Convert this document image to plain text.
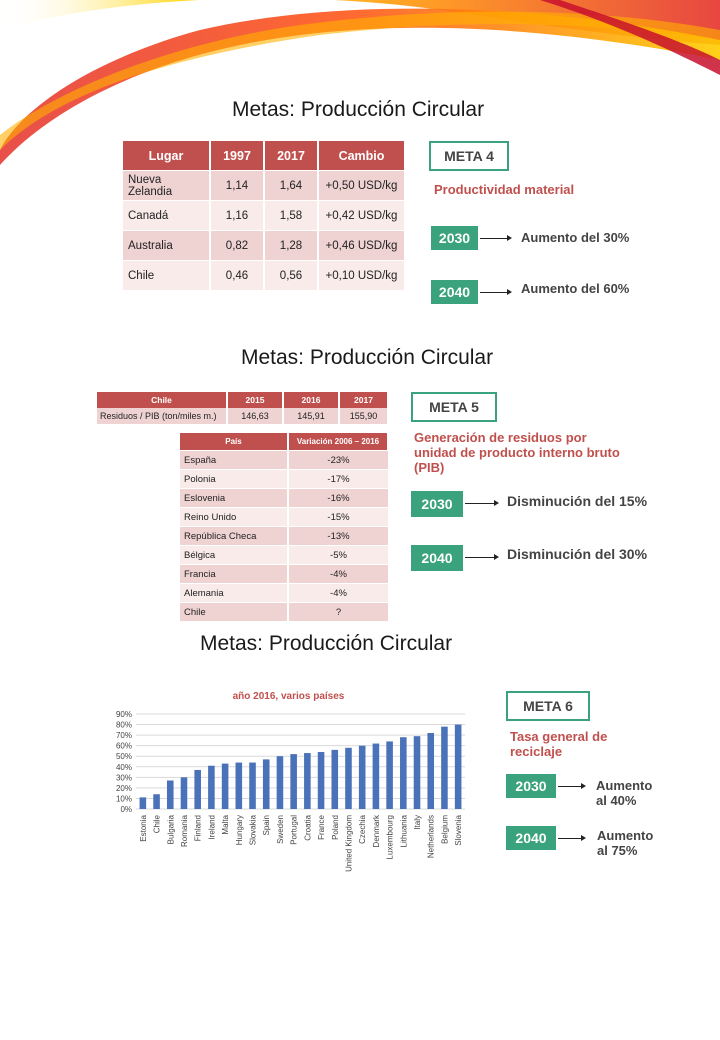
Metas: Producción Circular
Lugar	1997	2017	Cambio
Nueva Zelandia	1,14	1,64	+0,50 USD/kg
Canadá	1,16	1,58	+0,42 USD/kg
Australia	0,82	1,28	+0,46 USD/kg
Chile	0,46	0,56	+0,10 USD/kg
META 4
Productividad material
2030	Aumento del 30%
2040	Aumento del 60%
Metas: Producción Circular
Chile	2015	2016	2017
Residuos / PIB (ton/miles m.)	146,63	145,91	155,90
País	Variación 2006 – 2016
España	-23%
Polonia	-17%
Eslovenia	-16%
Reino Unido	-15%
República Checa	-13%
Bélgica	-5%
Francia	-4%
Alemania	-4%
Chile	?
META 5
Generación de residuos por
unidad de producto interno bruto
(PIB)
2030	Disminución del 15%
2040	Disminución del 30%
Metas: Producción Circular
año 2016, varios países
0%
10%
20%
30%
40%
50%
60%
70%
80%
90%
Estonia Chile Bulgaria Romania Finland Ireland Malta Hungary Slovakia Spain Sweden Portugal Croatia France Poland United Kingdom Czechia Denmark Luxembourg Lithuania Italy Netherlands Belgium Slovenia
META 6
Tasa general de
reciclaje
2030	Aumento
al 40%
2040	Aumento
al 75%
